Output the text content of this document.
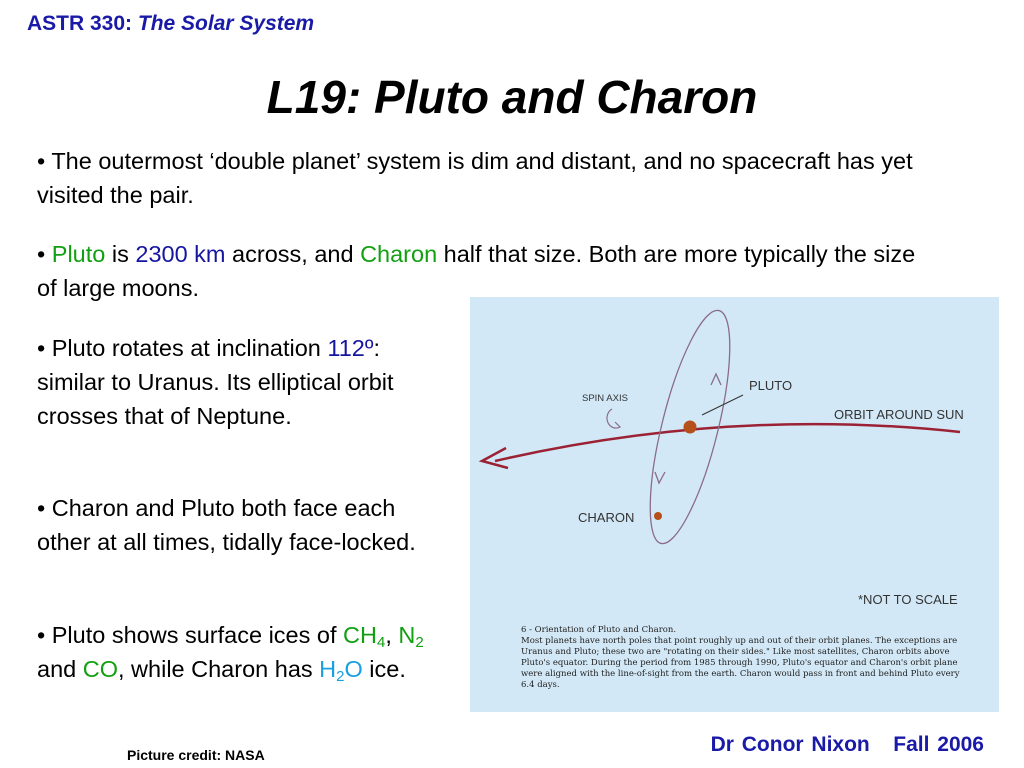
ASTR 330: The Solar System
L19: Pluto and Charon
• The outermost ‘double planet’ system is dim and distant, and no spacecraft has yet visited the pair.
• Pluto is 2300 km across, and Charon half that size. Both are more typically the size of large moons.
• Pluto rotates at inclination 112º: similar to Uranus. Its elliptical orbit crosses that of Neptune.
• Charon and Pluto both face each other at all times, tidally face-locked.
• Pluto shows surface ices of $CH_4$, $N_2$ and CO, while Charon has $H_2O$ ice.
SPIN AXIS
PLUTO
ORBIT AROUND SUN
CHARON
*NOT TO SCALE
6 - Orientation of Pluto and Charon.
Most planets have north poles that point roughly up and out of their orbit planes. The exceptions are Uranus and Pluto; these two are "rotating on their sides." Like most satellites, Charon orbits above Pluto's equator. During the period from 1985 through 1990, Pluto's equator and Charon's orbit plane were aligned with the line-of-sight from the earth. Charon would pass in front and behind Pluto every 6.4 days.
Picture credit: NASA	Dr Conor Nixon   Fall 2006
